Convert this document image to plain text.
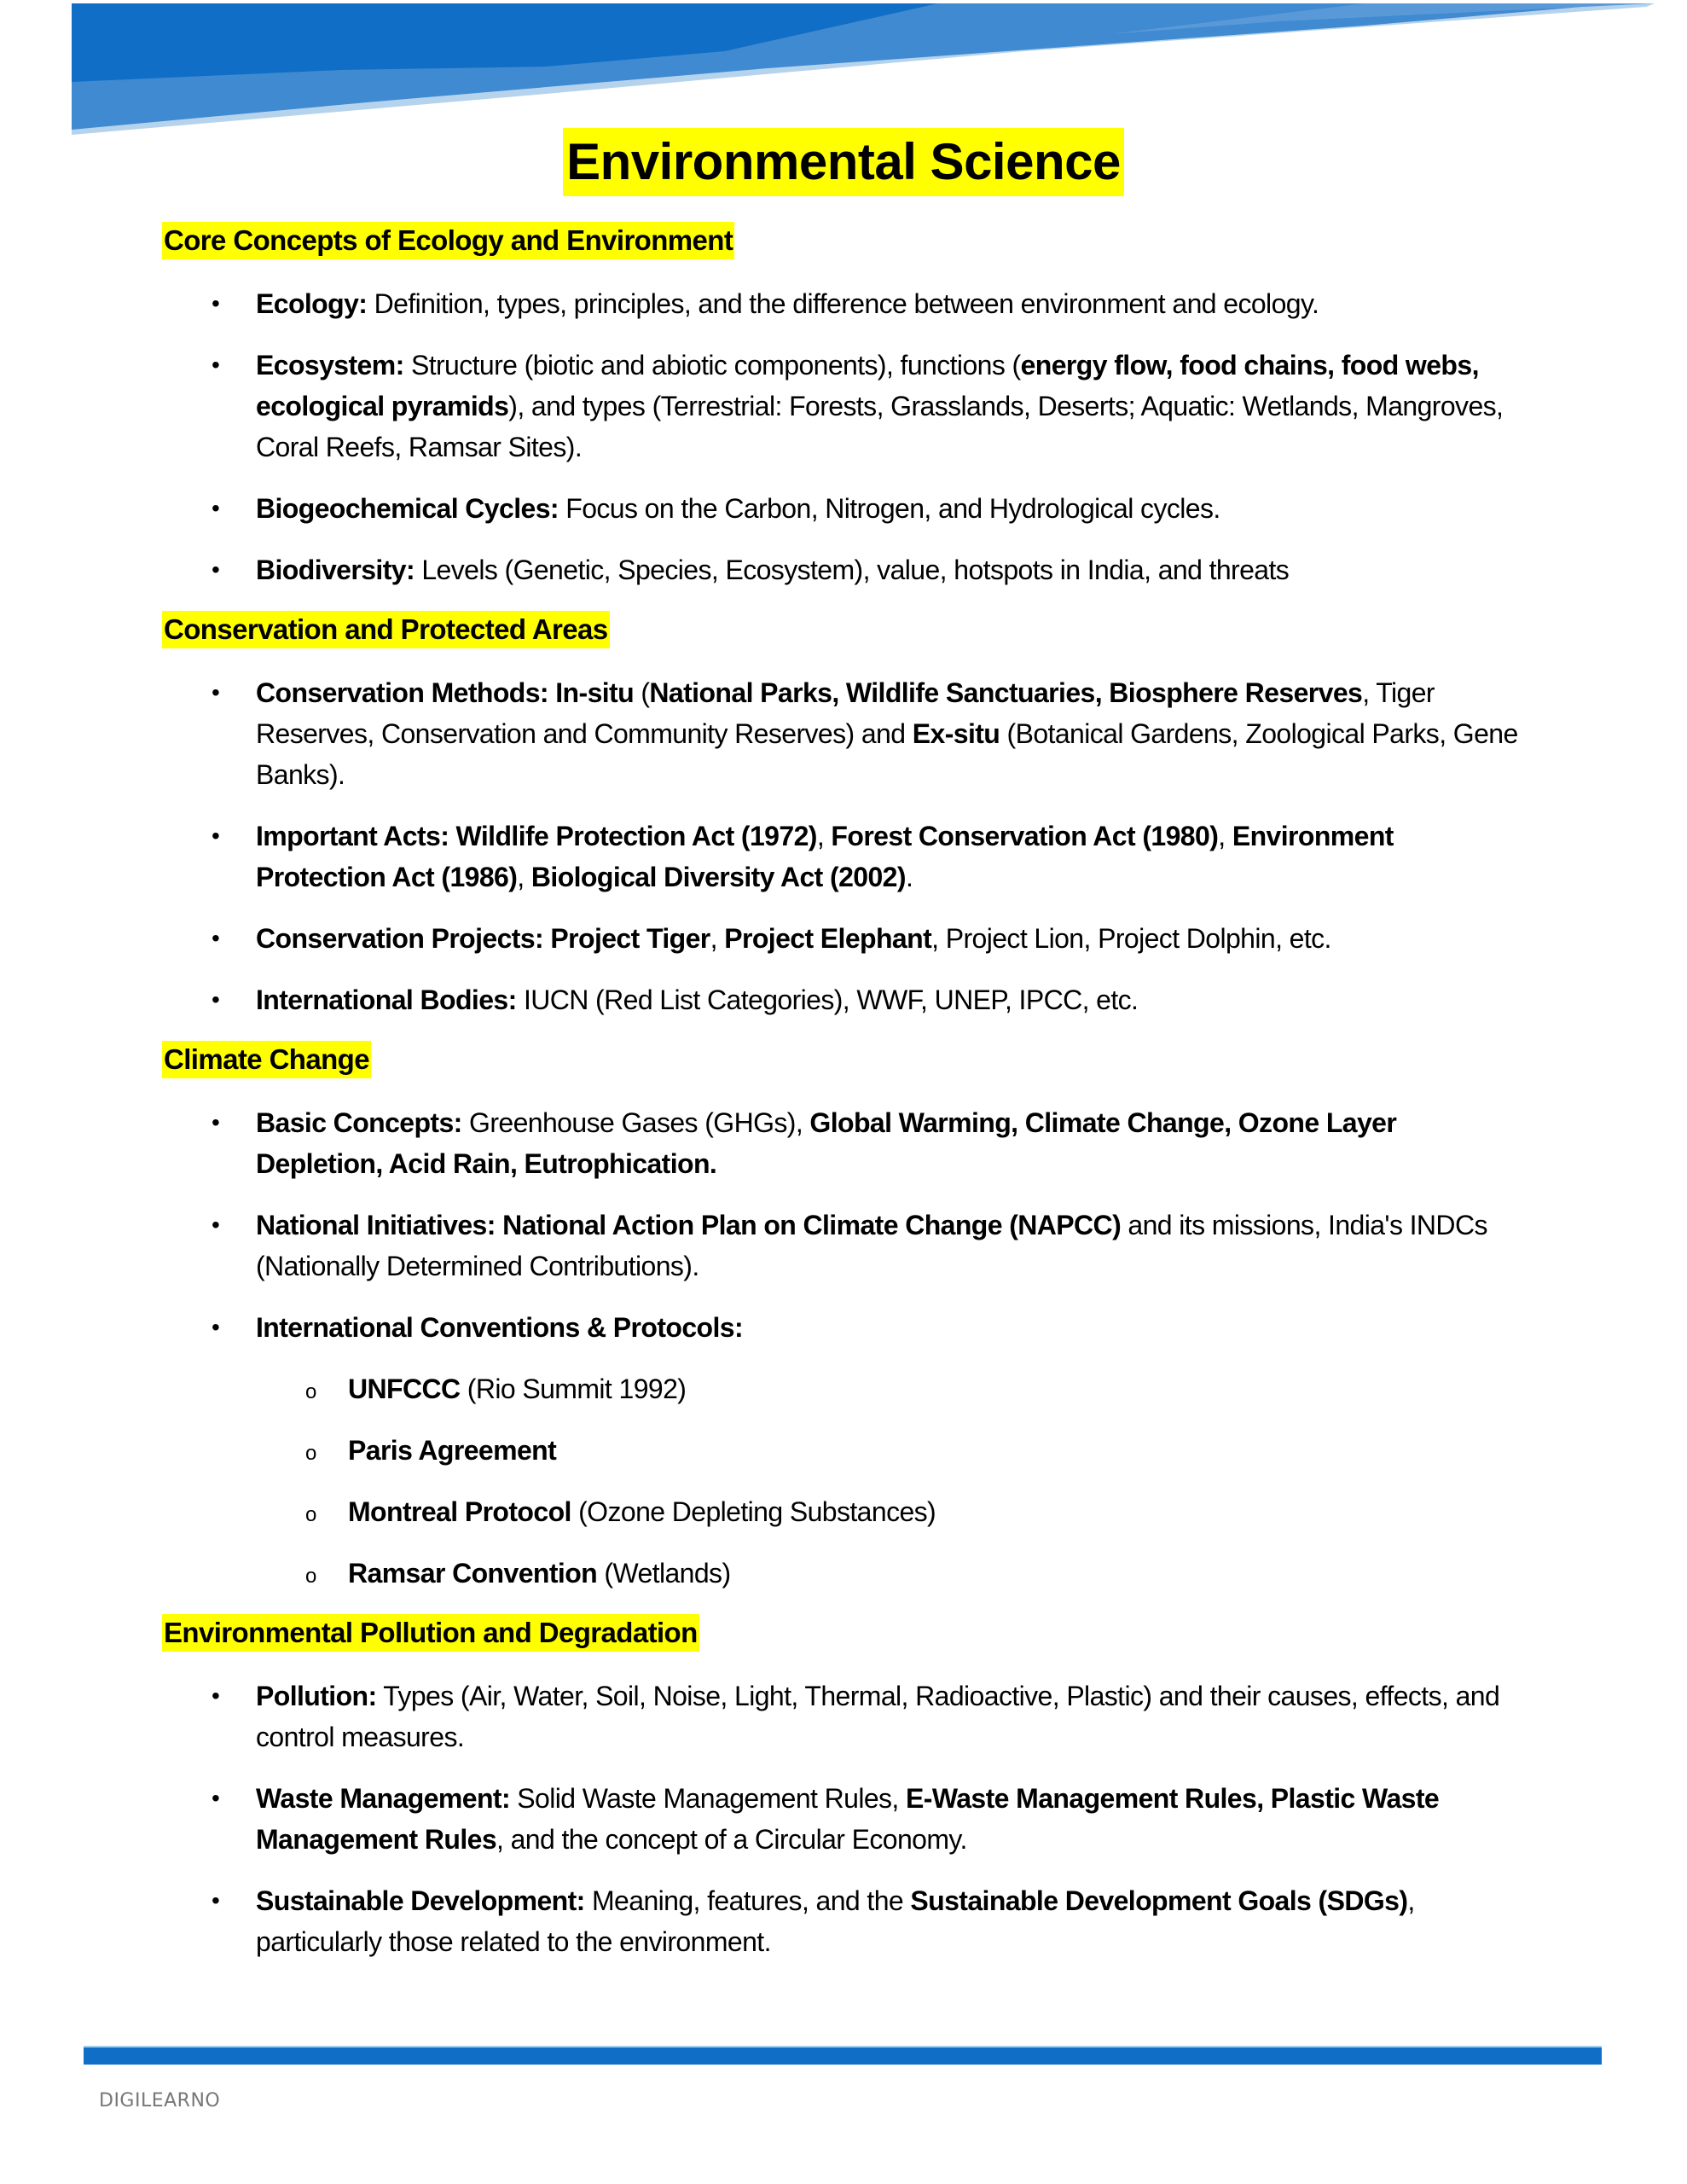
Environmental Science
Core Concepts of Ecology and Environment
• Ecology: Definition, types, principles, and the difference between environment and ecology.
• Ecosystem: Structure (biotic and abiotic components), functions (energy flow, food chains, food webs, ecological pyramids), and types (Terrestrial: Forests, Grasslands, Deserts; Aquatic: Wetlands, Mangroves, Coral Reefs, Ramsar Sites).
• Biogeochemical Cycles: Focus on the Carbon, Nitrogen, and Hydrological cycles.
• Biodiversity: Levels (Genetic, Species, Ecosystem), value, hotspots in India, and threats
Conservation and Protected Areas
• Conservation Methods: In-situ (National Parks, Wildlife Sanctuaries, Biosphere Reserves, Tiger Reserves, Conservation and Community Reserves) and Ex-situ (Botanical Gardens, Zoological Parks, Gene Banks).
• Important Acts: Wildlife Protection Act (1972), Forest Conservation Act (1980), Environment Protection Act (1986), Biological Diversity Act (2002).
• Conservation Projects: Project Tiger, Project Elephant, Project Lion, Project Dolphin, etc.
• International Bodies: IUCN (Red List Categories), WWF, UNEP, IPCC, etc.
Climate Change
• Basic Concepts: Greenhouse Gases (GHGs), Global Warming, Climate Change, Ozone Layer Depletion, Acid Rain, Eutrophication.
• National Initiatives: National Action Plan on Climate Change (NAPCC) and its missions, India's INDCs (Nationally Determined Contributions).
• International Conventions & Protocols:
o UNFCCC (Rio Summit 1992)
o Paris Agreement
o Montreal Protocol (Ozone Depleting Substances)
o Ramsar Convention (Wetlands)
Environmental Pollution and Degradation
• Pollution: Types (Air, Water, Soil, Noise, Light, Thermal, Radioactive, Plastic) and their causes, effects, and control measures.
• Waste Management: Solid Waste Management Rules, E-Waste Management Rules, Plastic Waste Management Rules, and the concept of a Circular Economy.
• Sustainable Development: Meaning, features, and the Sustainable Development Goals (SDGs), particularly those related to the environment.
DIGILEARNO
